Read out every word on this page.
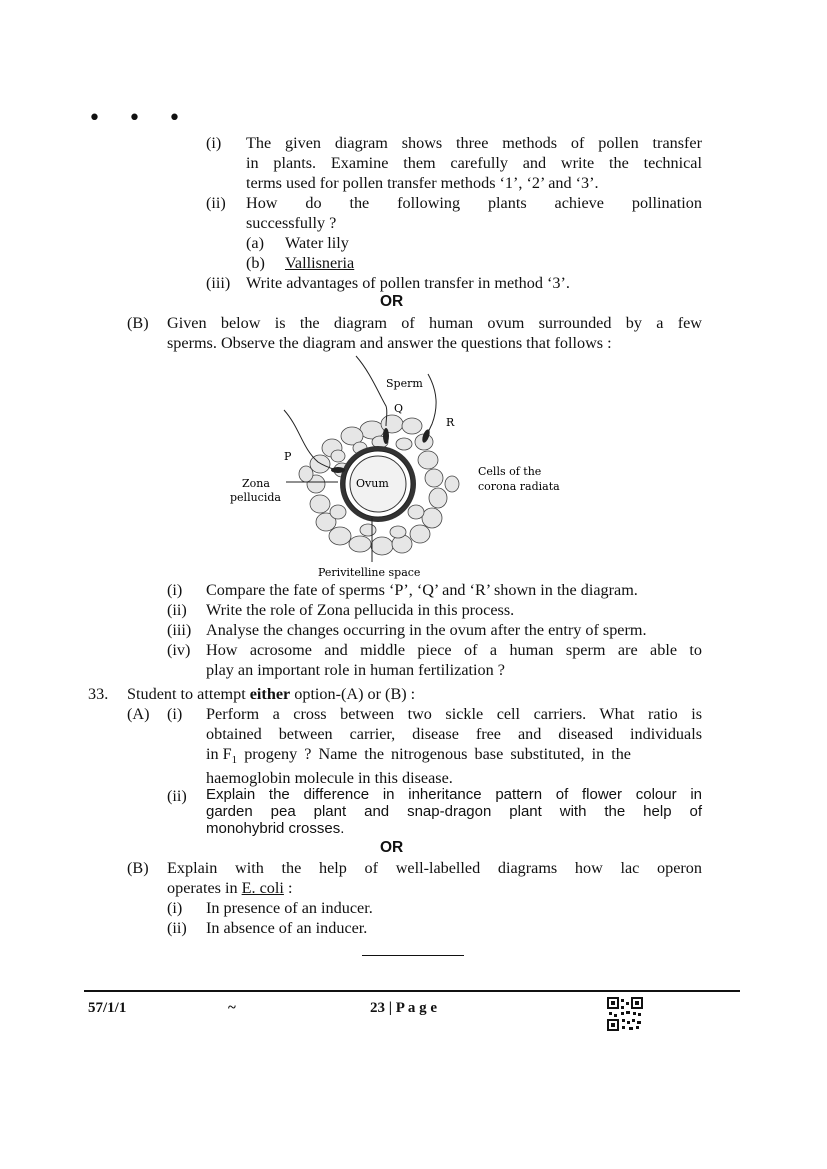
• • •
(i) The given diagram shows three methods of pollen transfer
in plants. Examine them carefully and write the technical
terms used for pollen transfer methods ‘1’, ‘2’ and ‘3’.
(ii) How do the following plants achieve pollination
successfully ?
(a) Water lily
(b) Vallisneria
(iii) Write advantages of pollen transfer in method ‘3’.
OR
(B) Given below is the diagram of human ovum surrounded by a few
sperms. Observe the diagram and answer the questions that follows :
Sperm
Q
R
P
Zona
pellucida
Ovum
Cells of the
corona radiata
Perivitelline space
(i) Compare the fate of sperms ‘P’, ‘Q’ and ‘R’ shown in the diagram.
(ii) Write the role of Zona pellucida in this process.
(iii) Analyse the changes occurring in the ovum after the entry of sperm.
(iv) How acrosome and middle piece of a human sperm are able to
play an important role in human fertilization ?
33. Student to attempt either option-(A) or (B) :
(A) (i) Perform a cross between two sickle cell carriers. What ratio is
obtained between carrier, disease free and diseased individuals
in $F_1$ progeny ? Name the nitrogenous base substituted, in the
haemoglobin molecule in this disease.
(ii) Explain the difference in inheritance pattern of flower colour in
garden pea plant and snap-dragon plant with the help of
monohybrid crosses.
OR
(B) Explain with the help of well-labelled diagrams how lac operon
operates in E. coli :
(i) In presence of an inducer.
(ii) In absence of an inducer.
57/1/1	~	23 | P a g e
